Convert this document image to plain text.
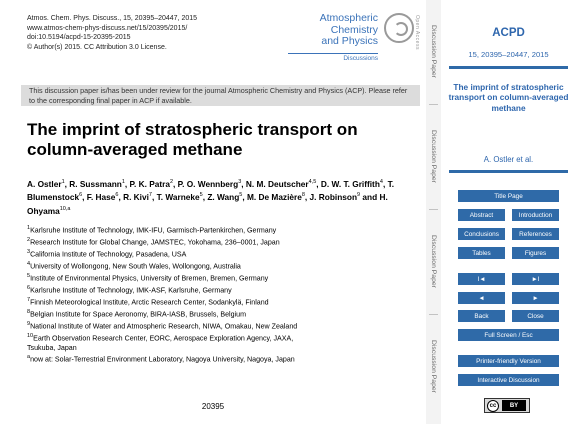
Atmos. Chem. Phys. Discuss., 15, 20395–20447, 2015
www.atmos-chem-phys-discuss.net/15/20395/2015/
doi:10.5194/acpd-15-20395-2015
© Author(s) 2015. CC Attribution 3.0 License.
Atmospheric
Chemistry
and Physics
Discussions
Open Access
This discussion paper is/has been under review for the journal Atmospheric Chemistry and Physics (ACP). Please refer to the corresponding final paper in ACP if available.
The imprint of stratospheric transport on column-averaged methane
A. Ostler$^1$, R. Sussmann$^1$, P. K. Patra$^2$, P. O. Wennberg$^3$, N. M. Deutscher$^{4,5}$, D. W. T. Griffith$^4$, T. Blumenstock$^6$, F. Hase$^6$, R. Kivi$^7$, T. Warneke$^5$, Z. Wang$^5$, M. De Mazière$^8$, J. Robinson$^9$ and H. Ohyama$^{10,a}$
$^1$Karlsruhe Institute of Technology, IMK-IFU, Garmisch-Partenkirchen, Germany
$^2$Research Institute for Global Change, JAMSTEC, Yokohama, 236–0001, Japan
$^3$California Institute of Technology, Pasadena, USA
$^4$University of Wollongong, New South Wales, Wollongong, Australia
$^5$Institute of Environmental Physics, University of Bremen, Bremen, Germany
$^6$Karlsruhe Institute of Technology, IMK-ASF, Karlsruhe, Germany
$^7$Finnish Meteorological Institute, Arctic Research Center, Sodankylä, Finland
$^8$Belgian Institute for Space Aeronomy, BIRA-IASB, Brussels, Belgium
$^9$National Institute of Water and Atmospheric Research, NIWA, Omakau, New Zealand
$^{10}$Earth Observation Research Center, EORC, Aerospace Exploration Agency, JAXA,
Tsukuba, Japan
$^a$now at: Solar-Terrestrial Environment Laboratory, Nagoya University, Nagoya, Japan
20395
Discussion Paper
Discussion Paper
Discussion Paper
Discussion Paper
ACPD
15, 20395–20447, 2015
The imprint of stratospheric transport on column-averaged methane
A. Ostler et al.
Title Page
Abstract	Introduction
Conclusions	References
Tables	Figures
I◄	►I
◄	►
Back	Close
Full Screen / Esc
Printer-friendly Version
Interactive Discussion
cc	BY
